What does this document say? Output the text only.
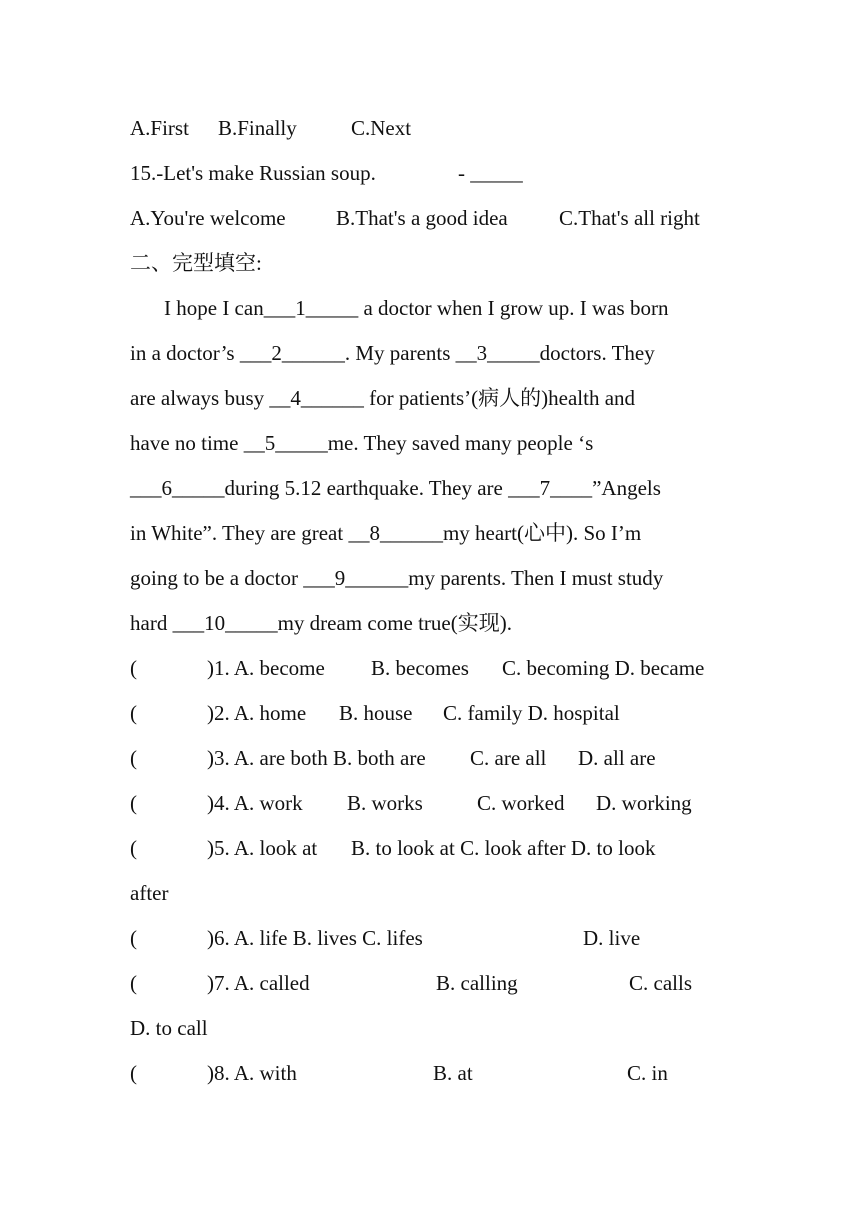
A.First

B.Finally

	C.Next

15.-Let's make Russian soup.

	- _____

A.You're welcome

B.That's a good idea

C.That's all right

二、完型填空:
I hope I can___1_____ a doctor when I grow up. I was born
in a doctor’s ___2______. My parents __3_____doctors. They
are always busy __4______ for patients’(病人的)health and
have no time __5_____me. They saved many people ‘s
___6_____during 5.12 earthquake. They are ___7____”Angels
in White”. They are great __8______my heart(心中). So I’m
going to be a doctor ___9______my parents. Then I must study
hard ___10_____my dream come true(实现).

(

	)1. A. become

B. becomes

C. becoming D. became

(

	)2. A. home

B. house

C. family D. hospital

(

	)3. A. are both B. both are

C. are all

D. all are

(

	)4. A. work

B. works

	C. worked

D. working

(

	)5. A. look at

B. to look at C. look after D. to look

after

(

	)6. A. life B. lives C. lifes

	D. live

(

	)7. A. called

	B. calling

	C. calls

D. to call

(

	)8. A. with

	B. at

	C. in
